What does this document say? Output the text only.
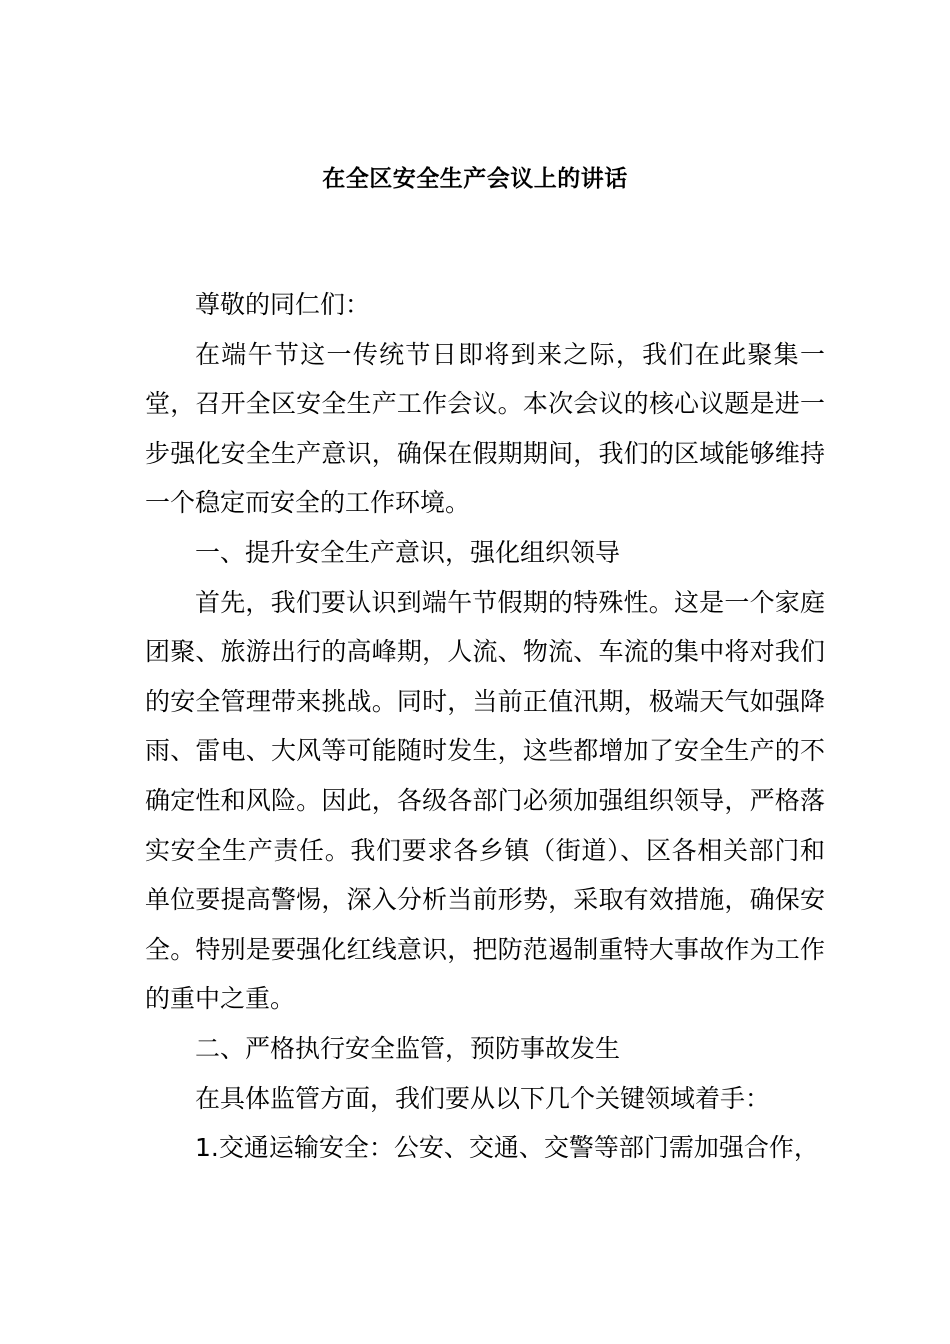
在全区安全生产会议上的讲话

尊敬的同仁们：

在端午节这一传统节日即将到来之际，我们在此聚集一堂，召开全区安全生产工作会议。本次会议的核心议题是进一步强化安全生产意识，确保在假期期间，我们的区域能够维持一个稳定而安全的工作环境。

一、提升安全生产意识，强化组织领导

首先，我们要认识到端午节假期的特殊性。这是一个家庭团聚、旅游出行的高峰期，人流、物流、车流的集中将对我们的安全管理带来挑战。同时，当前正值汛期，极端天气如强降雨、雷电、大风等可能随时发生，这些都增加了安全生产的不确定性和风险。因此，各级各部门必须加强组织领导，严格落实安全生产责任。我们要求各乡镇（街道）、区各相关部门和单位要提高警惕，深入分析当前形势，采取有效措施，确保安全。特别是要强化红线意识，把防范遏制重特大事故作为工作的重中之重。

二、严格执行安全监管，预防事故发生

在具体监管方面，我们要从以下几个关键领域着手：

1.交通运输安全：公安、交通、交警等部门需加强合作，
